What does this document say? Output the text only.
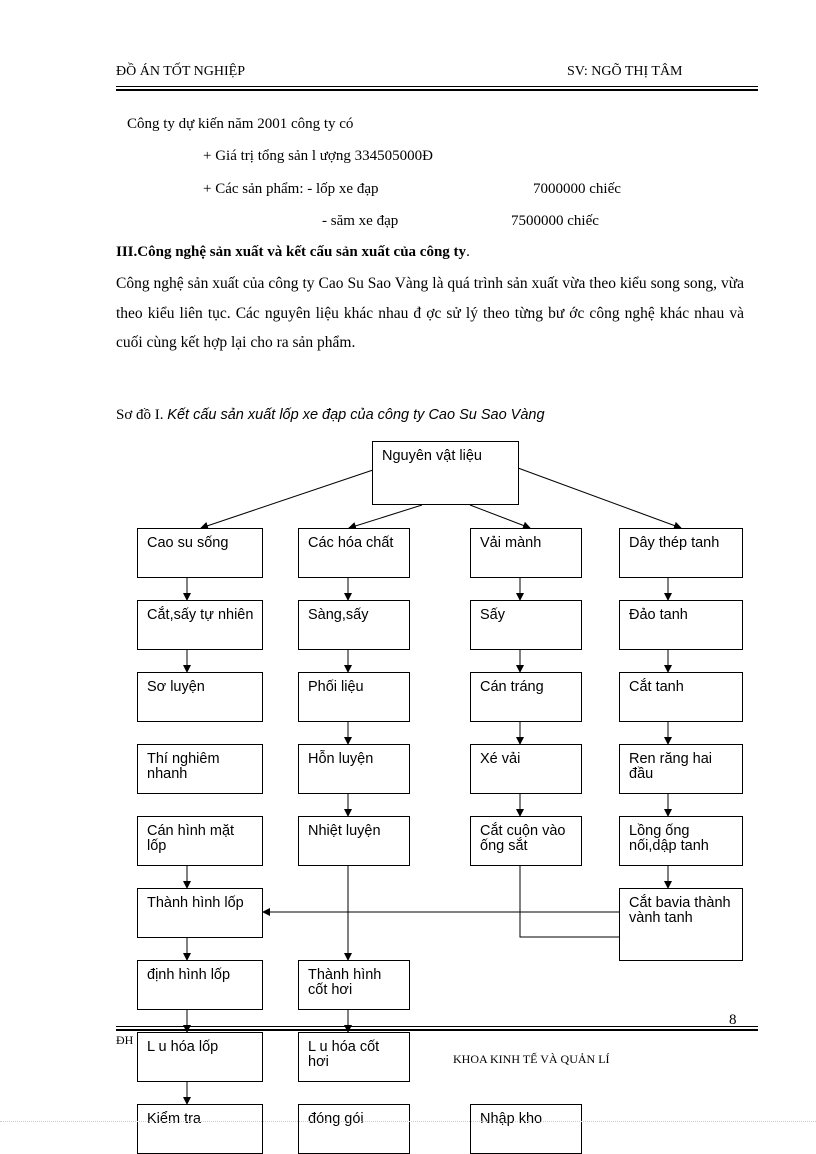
ĐỒ ÁN TỐT NGHIỆP	SV: NGÕ THỊ TÂM
Công ty dự kiến năm 2001 công ty có
+ Giá trị tổng sản l ượng 334505000Đ
+ Các sản phẩm: - lốp xe đạp	7000000 chiếc
- săm xe đạp	7500000 chiếc
III.Công nghệ sản xuất và kết cấu sản xuất của công ty.
Công nghệ sản xuất của công ty Cao Su Sao Vàng là quá trình sản xuất vừa theo kiểu song song, vừa theo kiểu liên tục. Các nguyên liệu khác nhau đ ợc sử lý theo từng bư ớc công nghệ khác nhau và cuối cùng kết hợp lại cho ra sản phẩm.
Sơ đồ I. Kết cấu sản xuất lốp xe đạp của công ty Cao Su Sao Vàng
Nguyên vật liệu
Cao su sống
Cắt,sấy tự nhiên
Sơ luyện
Thí nghiêm nhanh
Cán hình mặt lốp
Thành hình lốp
định hình lốp
Các hóa chất
Sàng,sấy
Phối liệu
Hỗn luyện
Nhiệt luyện
Thành hình cốt hơi
Vải mành
Sấy
Cán tráng
Xé vải
Cắt cuộn vào ống sắt
Dây thép tanh
Đảo tanh
Cắt tanh
Ren răng hai đầu
Lồng ống nối,dập tanh
Cắt bavia thành vành tanh
8
ĐH
KHOA KINH TẾ VÀ QUẢN LÍ
L u hóa lốp	L u hóa cốt hơi
Kiểm tra	đóng gói	Nhập kho
